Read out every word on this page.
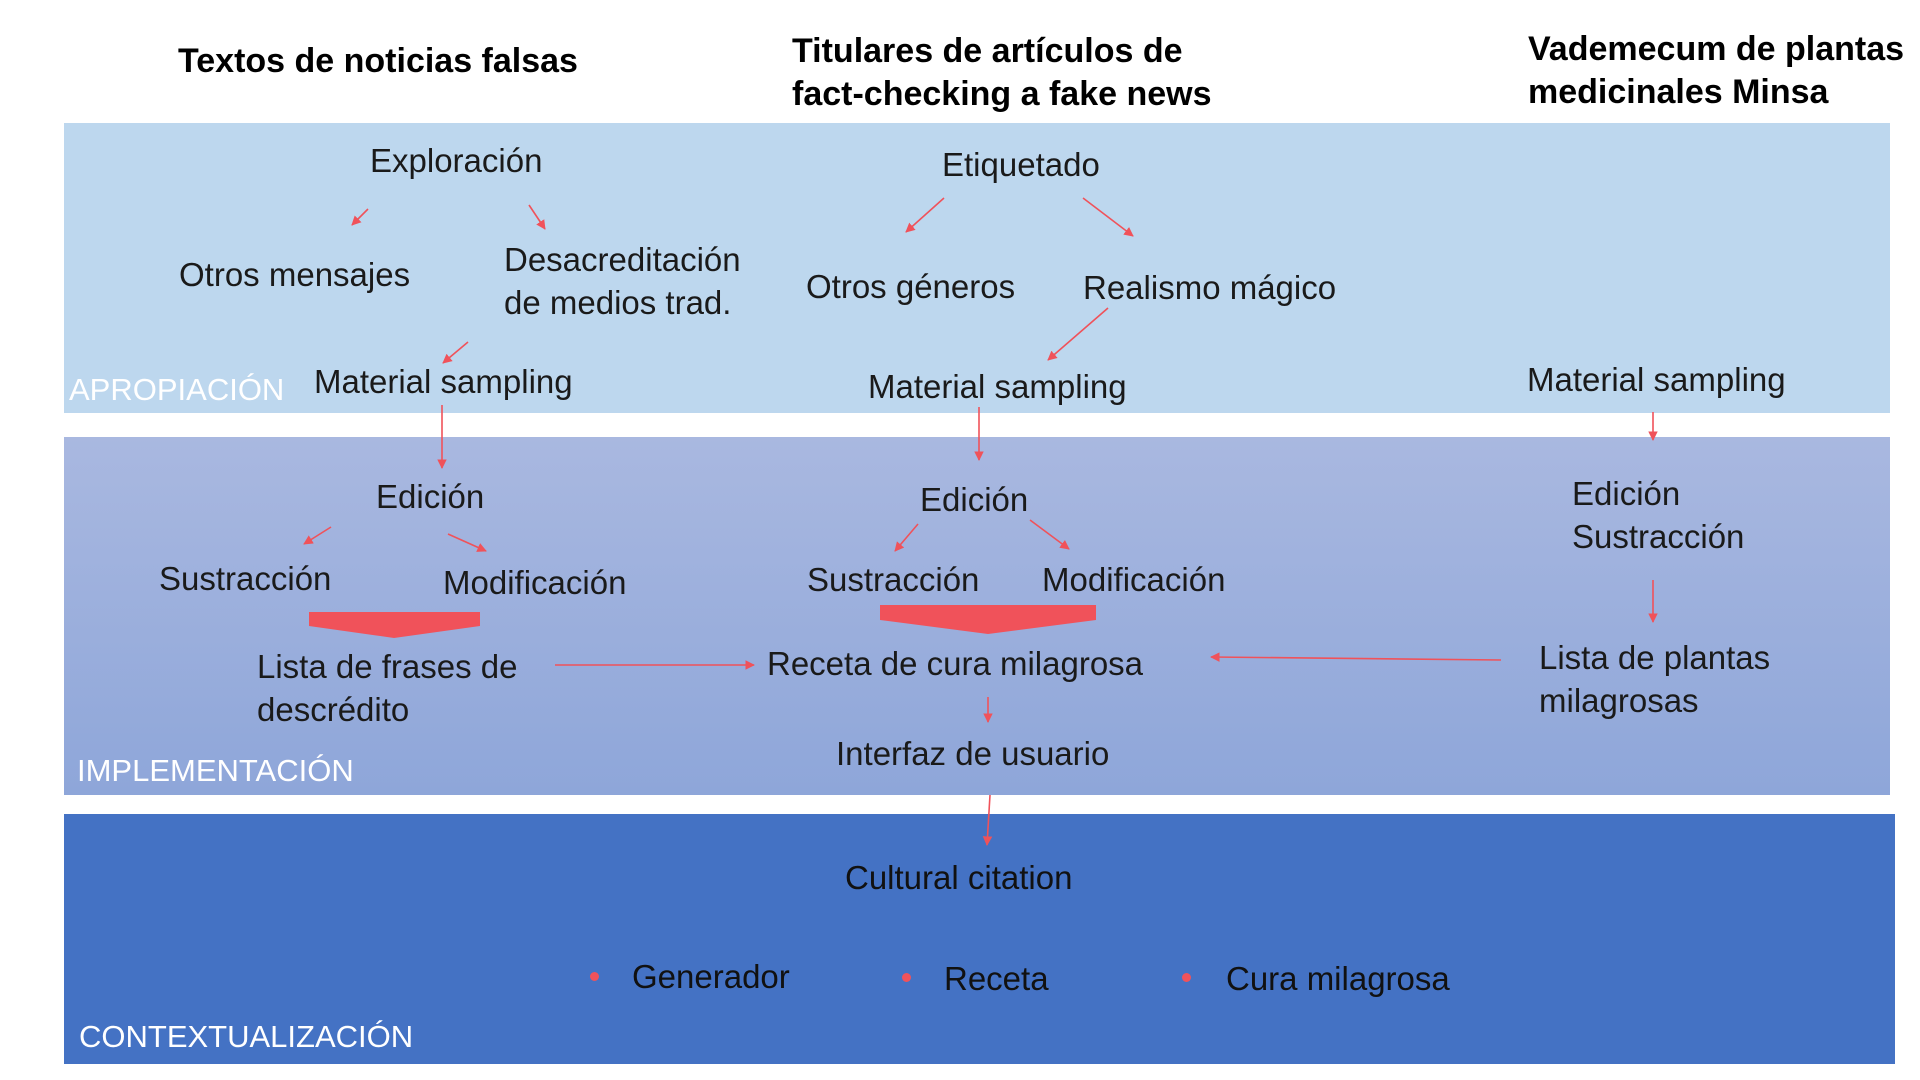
Textos de noticias falsas	Titulares de artículos de
fact-checking a fake news
Vademecum de plantas
medicinales Minsa
APROPIACIÓN
IMPLEMENTACIÓN
CONTEXTUALIZACIÓN
Exploración
Otros mensajes	Desacreditación
de medios trad.
Material sampling
Etiquetado
Otros géneros Realismo mágico
Material sampling	Material sampling
Edición
Sustracción	Modificación
Lista de frases de
descrédito
Edición
Sustracción Modificación
Receta de cura milagrosa
Interfaz de usuario
Edición
Sustracción
Lista de plantas
milagrosas
Cultural citation
Generador	Receta	Cura milagrosa
